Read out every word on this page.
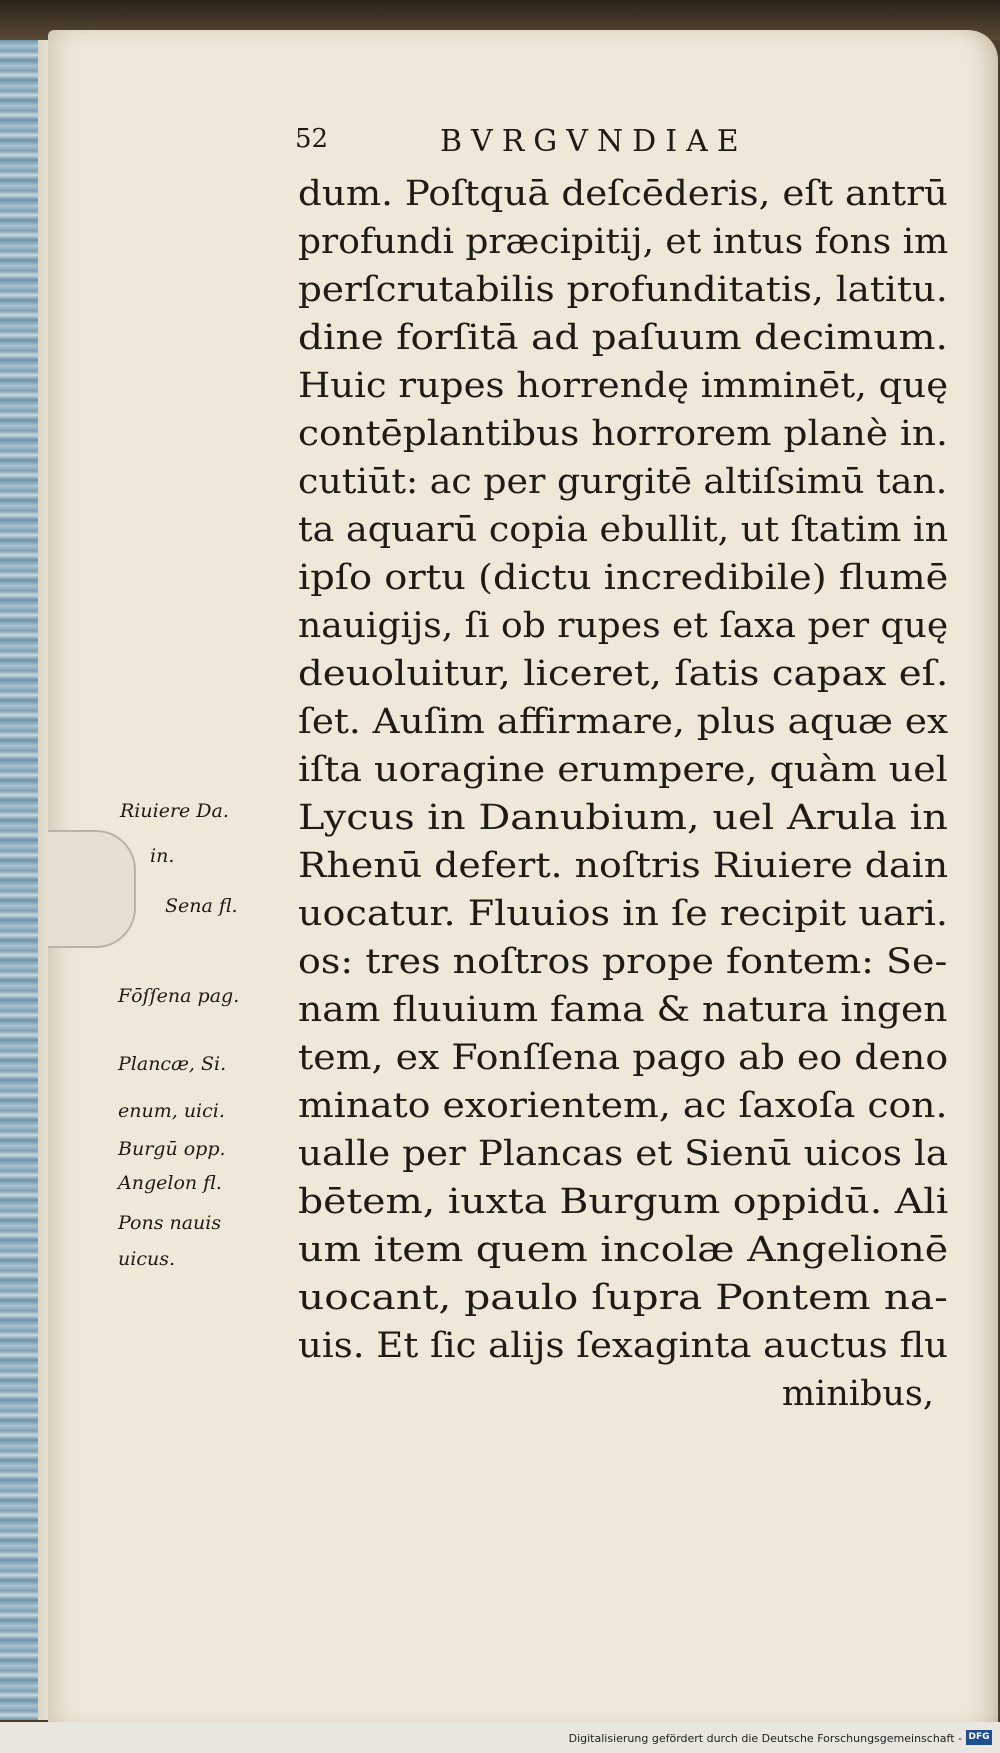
52	BVRGVNDIAE
dum. Poſtquā deſcēderis, eſt antrū
profundi præcipitij, et intus fons im
perſcrutabilis profunditatis, latitu.
dine forſitā ad paſuum decimum.
Huic rupes horrendę imminēt, quę
contēplantibus horrorem planè in.
cutiūt: ac per gurgitē altiſsimū tan.
ta aquarū copia ebullit, ut ſtatim in
ipſo ortu (dictu incredibile) flumē
nauigijs, ſi ob rupes et ſaxa per quę
deuoluitur, liceret, ſatis capax eſ.
ſet. Auſim affirmare, plus aquæ ex
iſta uoragine erumpere, quàm uel
Lycus in Danubium, uel Arula in
Rhenū defert. noſtris Riuiere dain
uocatur. Fluuios in ſe recipit uari.
os: tres noſtros prope fontem: Se-
nam fluuium fama & natura ingen
tem, ex Fonſſena pago ab eo deno
minato exorientem, ac ſaxoſa con.
ualle per Plancas et Sienū uicos la
bētem, iuxta Burgum oppidū. Ali
um item quem incolæ Angelionē
uocant, paulo ſupra Pontem na-
uis. Et ſic alijs ſexaginta auctus flu
minibus,
Riuiere Da.
in.
Sena fl.
Fōſſena pag.
Plancæ, Si.
enum, uici.
Burgū opp.
Angelon fl.
Pons nauis
uicus.
Digitalisierung gefördert durch die Deutsche Forschungsgemeinschaft - DFG
